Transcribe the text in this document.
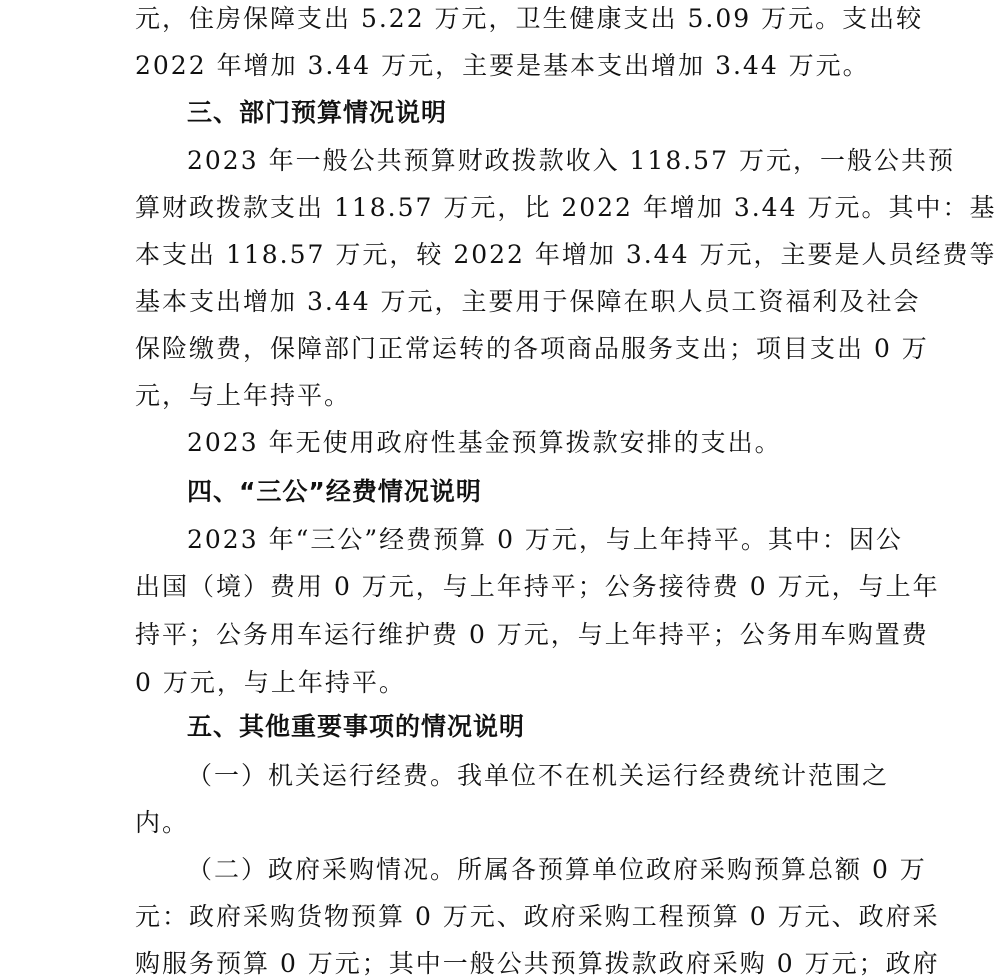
元，住房保障支出 5.22 万元，卫生健康支出 5.09 万元。支出较
2022 年增加 3.44 万元，主要是基本支出增加 3.44 万元。
三、部门预算情况说明
2023 年一般公共预算财政拨款收入 118.57 万元，一般公共预
算财政拨款支出 118.57 万元，比 2022 年增加 3.44 万元。其中：基
本支出 118.57 万元，较 2022 年增加 3.44 万元，主要是人员经费等
基本支出增加 3.44 万元，主要用于保障在职人员工资福利及社会
保险缴费，保障部门正常运转的各项商品服务支出；项目支出 0 万
元，与上年持平。
2023 年无使用政府性基金预算拨款安排的支出。
四、“三公”经费情况说明
2023 年“三公”经费预算 0 万元，与上年持平。其中：因公
出国（境）费用 0 万元，与上年持平；公务接待费 0 万元，与上年
持平；公务用车运行维护费 0 万元，与上年持平；公务用车购置费
0 万元，与上年持平。
五、其他重要事项的情况说明
（一）机关运行经费。我单位不在机关运行经费统计范围之
内。
（二）政府采购情况。所属各预算单位政府采购预算总额 0 万
元：政府采购货物预算 0 万元、政府采购工程预算 0 万元、政府采
购服务预算 0 万元；其中一般公共预算拨款政府采购 0 万元；政府
